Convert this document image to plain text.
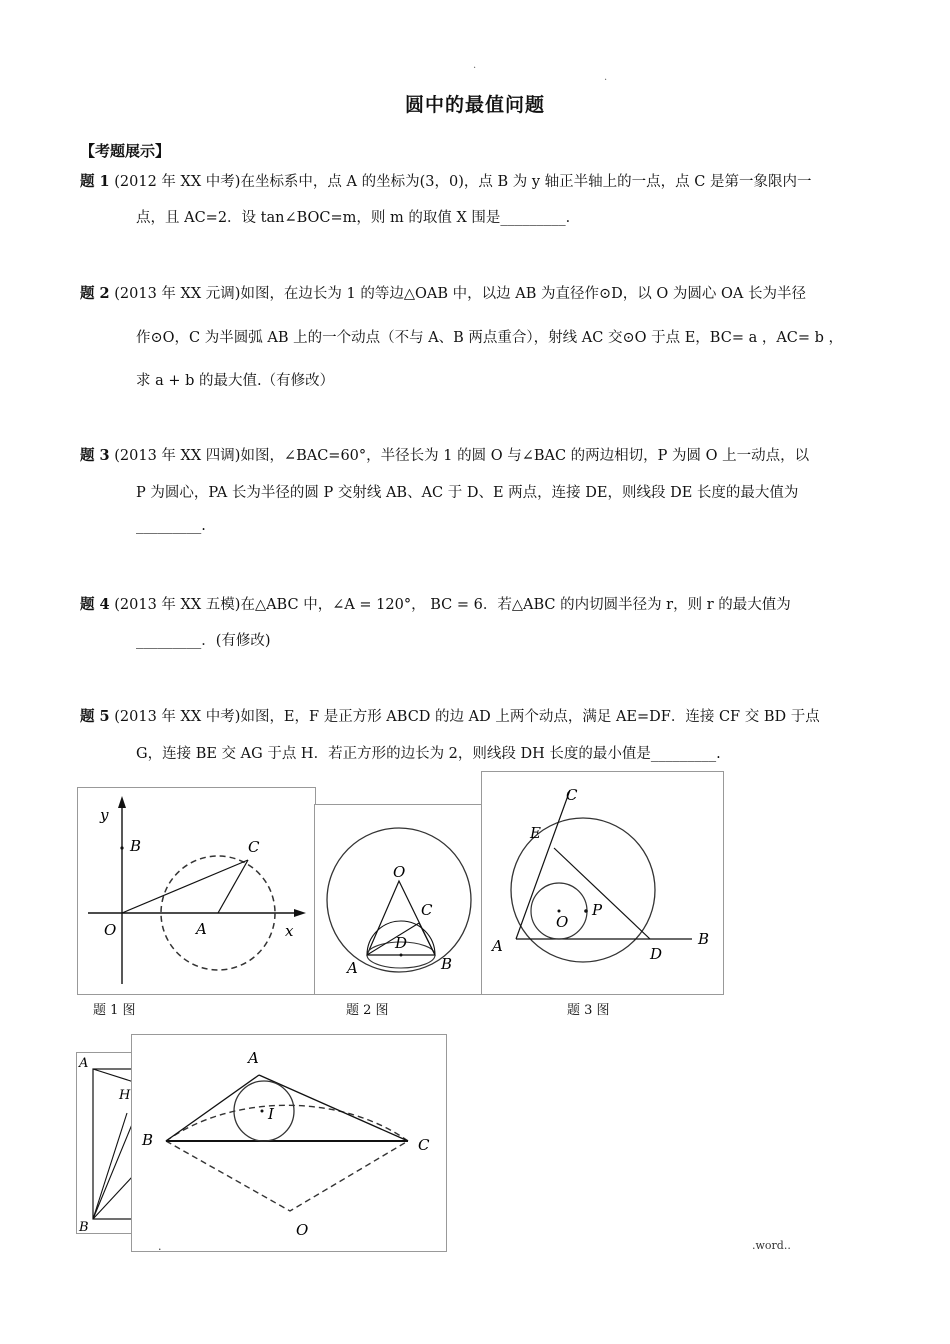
.
.
圆中的最值问题
【考题展示】
题 1 (2012 年 XX 中考)在坐标系中，点 A 的坐标为(3，0)，点 B 为 y 轴正半轴上的一点，点 C 是第一象限内一
点，且 AC=2．设 tan∠BOC=m，则 m 的取值 X 围是_________．
题 2 (2013 年 XX 元调)如图，在边长为 1 的等边△OAB 中，以边 AB 为直径作⊙D，以 O 为圆心 OA 长为半径
作⊙O，C 为半圆弧 AB 上的一个动点（不与 A、B 两点重合），射线 AC 交⊙O 于点 E，BC= a ，AC= b ，
求 a + b 的最大值.（有修改）
题 3 (2013 年 XX 四调)如图，∠BAC=60°，半径长为 1 的圆 O 与∠BAC 的两边相切，P 为圆 O 上一动点，以
P 为圆心，PA 长为半径的圆 P 交射线 AB、AC 于 D、E 两点，连接 DE，则线段 DE 长度的最大值为
_________.
题 4 (2013 年 XX 五模)在△ABC 中，∠A = 120°， BC = 6．若△ABC 的内切圆半径为 r，则 r 的最大值为
_________．(有修改)
题 5 (2013 年 XX 中考)如图，E，F 是正方形 ABCD 的边 AD 上两个动点，满足 AE=DF．连接 CF 交 BD 于点
G，连接 BE 交 AG 于点 H．若正方形的边长为 2，则线段 DH 长度的最小值是_________.
y
B	C
O	A	x
题 1 图
O
C
D
A	B
题 2 图
C
E
O
P
A	B
D
题 3 图
A
H
B
A
I
B	C
O
.	.word..
